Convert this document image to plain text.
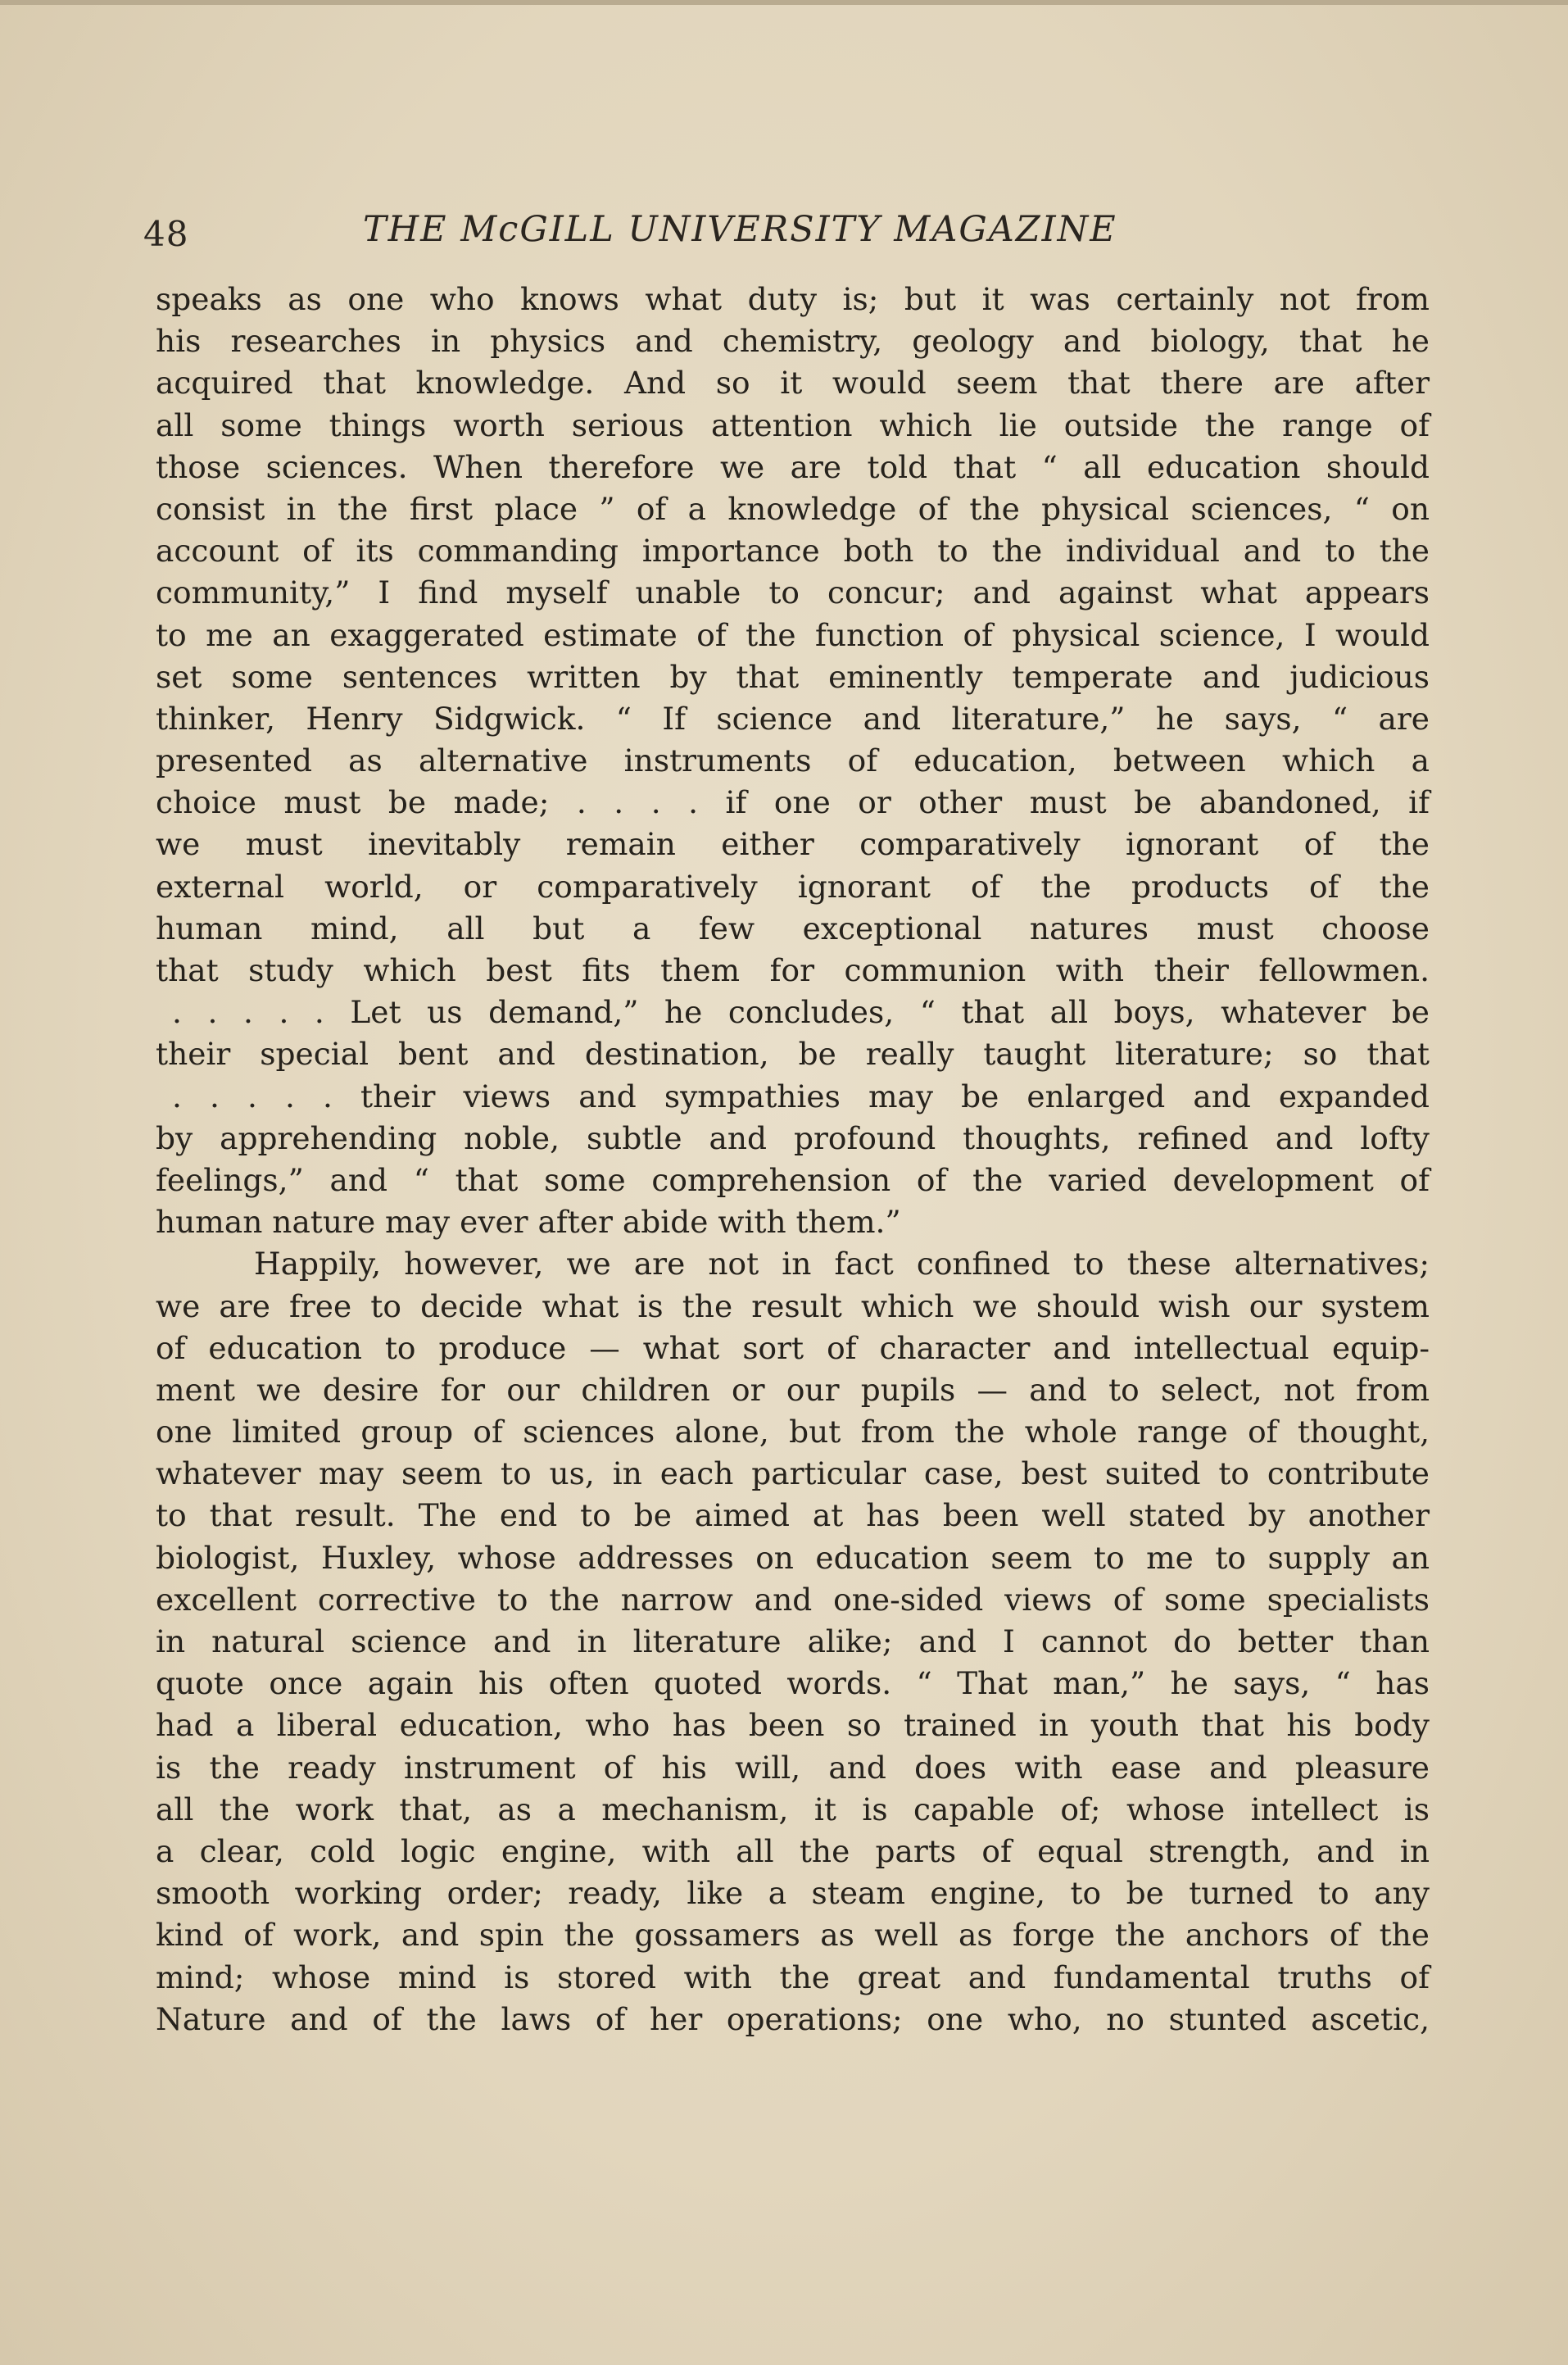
48	THE McGILL UNIVERSITY MAGAZINE
speaks as one who knows what duty is; but it was certainly not from
his researches in physics and chemistry, geology and biology, that he
acquired that knowledge. And so it would seem that there are after
all some things worth serious attention which lie outside the range of
those sciences. When therefore we are told that “ all education should
consist in the first place ” of a knowledge of the physical sciences, “ on
account of its commanding importance both to the individual and to the
community,” I find myself unable to concur; and against what appears
to me an exaggerated estimate of the function of physical science, I would
set some sentences written by that eminently temperate and judicious
thinker, Henry Sidgwick. “ If science and literature,” he says, “ are
presented as alternative instruments of education, between which a
choice must be made; . . . . if one or other must be abandoned, if
we must inevitably remain either comparatively ignorant of the
external world, or comparatively ignorant of the products of the
human mind, all but a few exceptional natures must choose
that study which best fits them for communion with their fellowmen.
. . . . . Let us demand,” he concludes, “ that all boys, whatever be
their special bent and destination, be really taught literature; so that
. . . . . their views and sympathies may be enlarged and expanded
by apprehending noble, subtle and profound thoughts, refined and lofty
feelings,” and “ that some comprehension of the varied development of
human nature may ever after abide with them.”
Happily, however, we are not in fact confined to these alternatives;
we are free to decide what is the result which we should wish our system
of education to produce — what sort of character and intellectual equip-
ment we desire for our children or our pupils — and to select, not from
one limited group of sciences alone, but from the whole range of thought,
whatever may seem to us, in each particular case, best suited to contribute
to that result. The end to be aimed at has been well stated by another
biologist, Huxley, whose addresses on education seem to me to supply an
excellent corrective to the narrow and one-sided views of some specialists
in natural science and in literature alike; and I cannot do better than
quote once again his often quoted words. “ That man,” he says, “ has
had a liberal education, who has been so trained in youth that his body
is the ready instrument of his will, and does with ease and pleasure
all the work that, as a mechanism, it is capable of; whose intellect is
a clear, cold logic engine, with all the parts of equal strength, and in
smooth working order; ready, like a steam engine, to be turned to any
kind of work, and spin the gossamers as well as forge the anchors of the
mind; whose mind is stored with the great and fundamental truths of
Nature and of the laws of her operations; one who, no stunted ascetic,
